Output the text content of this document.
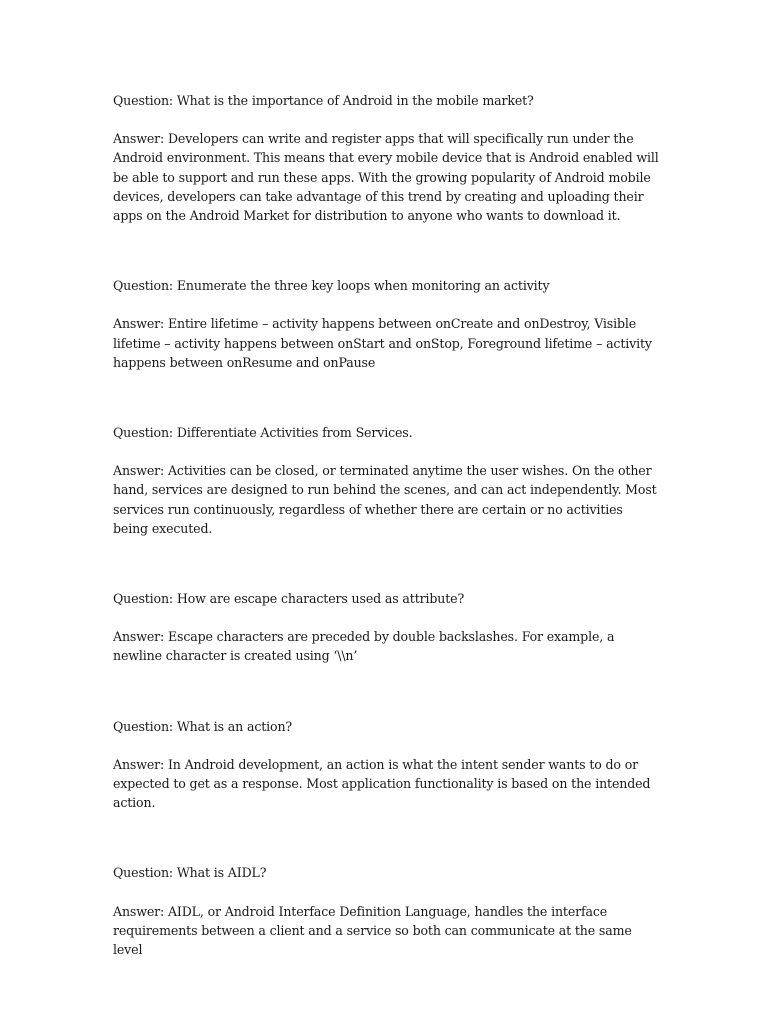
Question: What is the importance of Android in the mobile market?

Answer: Developers can write and register apps that will specifically run under the Android environment. This means that every mobile device that is Android enabled will be able to support and run these apps. With the growing popularity of Android mobile devices, developers can take advantage of this trend by creating and uploading their apps on the Android Market for distribution to anyone who wants to download it.

Question: Enumerate the three key loops when monitoring an activity

Answer: Entire lifetime – activity happens between onCreate and onDestroy, Visible lifetime – activity happens between onStart and onStop, Foreground lifetime – activity happens between onResume and onPause

Question: Differentiate Activities from Services.

Answer: Activities can be closed, or terminated anytime the user wishes. On the other hand, services are designed to run behind the scenes, and can act independently. Most services run continuously, regardless of whether there are certain or no activities being executed.

Question: How are escape characters used as attribute?

Answer: Escape characters are preceded by double backslashes. For example, a newline character is created using ‘\\n’

Question: What is an action?

Answer: In Android development, an action is what the intent sender wants to do or expected to get as a response. Most application functionality is based on the intended action.

Question: What is AIDL?

Answer: AIDL, or Android Interface Definition Language, handles the interface requirements between a client and a service so both can communicate at the same level
